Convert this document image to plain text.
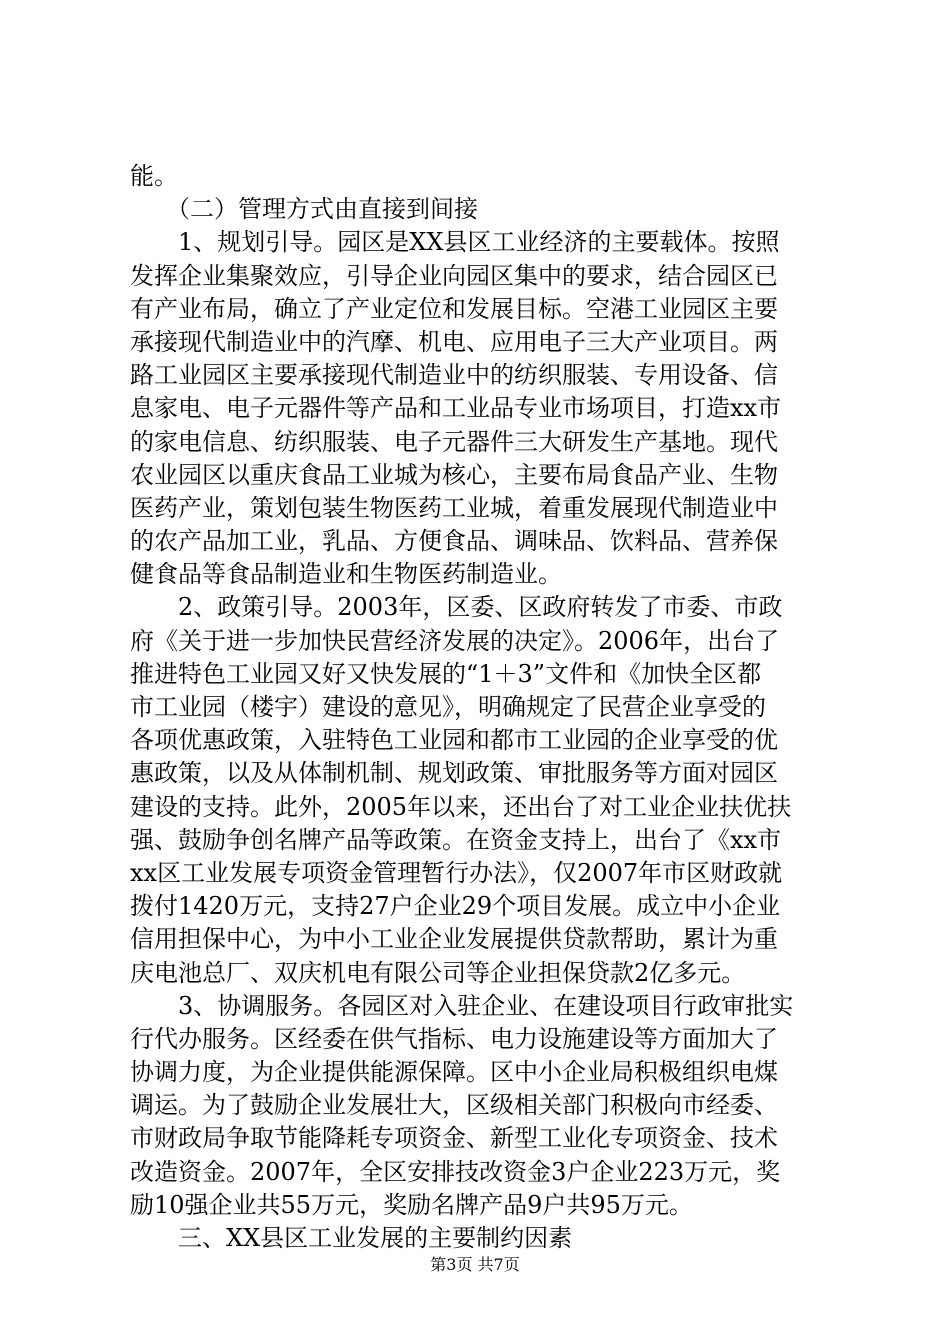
能。
　　（二）管理方式由直接到间接
　　1、规划引导。园区是XX县区工业经济的主要载体。按照
发挥企业集聚效应，引导企业向园区集中的要求，结合园区已
有产业布局，确立了产业定位和发展目标。空港工业园区主要
承接现代制造业中的汽摩、机电、应用电子三大产业项目。两
路工业园区主要承接现代制造业中的纺织服装、专用设备、信
息家电、电子元器件等产品和工业品专业市场项目，打造xx市
的家电信息、纺织服装、电子元器件三大研发生产基地。现代
农业园区以重庆食品工业城为核心，主要布局食品产业、生物
医药产业，策划包装生物医药工业城，着重发展现代制造业中
的农产品加工业，乳品、方便食品、调味品、饮料品、营养保
健食品等食品制造业和生物医药制造业。
　　2、政策引导。2003年，区委、区政府转发了市委、市政
府《关于进一步加快民营经济发展的决定》。2006年，出台了
推进特色工业园又好又快发展的“1＋3”文件和《加快全区都
市工业园（楼宇）建设的意见》，明确规定了民营企业享受的
各项优惠政策，入驻特色工业园和都市工业园的企业享受的优
惠政策，以及从体制机制、规划政策、审批服务等方面对园区
建设的支持。此外，2005年以来，还出台了对工业企业扶优扶
强、鼓励争创名牌产品等政策。在资金支持上，出台了《xx市
xx区工业发展专项资金管理暂行办法》，仅2007年市区财政就
拨付1420万元，支持27户企业29个项目发展。成立中小企业
信用担保中心，为中小工业企业发展提供贷款帮助，累计为重
庆电池总厂、双庆机电有限公司等企业担保贷款2亿多元。
　　3、协调服务。各园区对入驻企业、在建设项目行政审批实
行代办服务。区经委在供气指标、电力设施建设等方面加大了
协调力度，为企业提供能源保障。区中小企业局积极组织电煤
调运。为了鼓励企业发展壮大，区级相关部门积极向市经委、
市财政局争取节能降耗专项资金、新型工业化专项资金、技术
改造资金。2007年，全区安排技改资金3户企业223万元，奖
励10强企业共55万元，奖励名牌产品9户共95万元。
　　三、XX县区工业发展的主要制约因素
第3页 共7页
